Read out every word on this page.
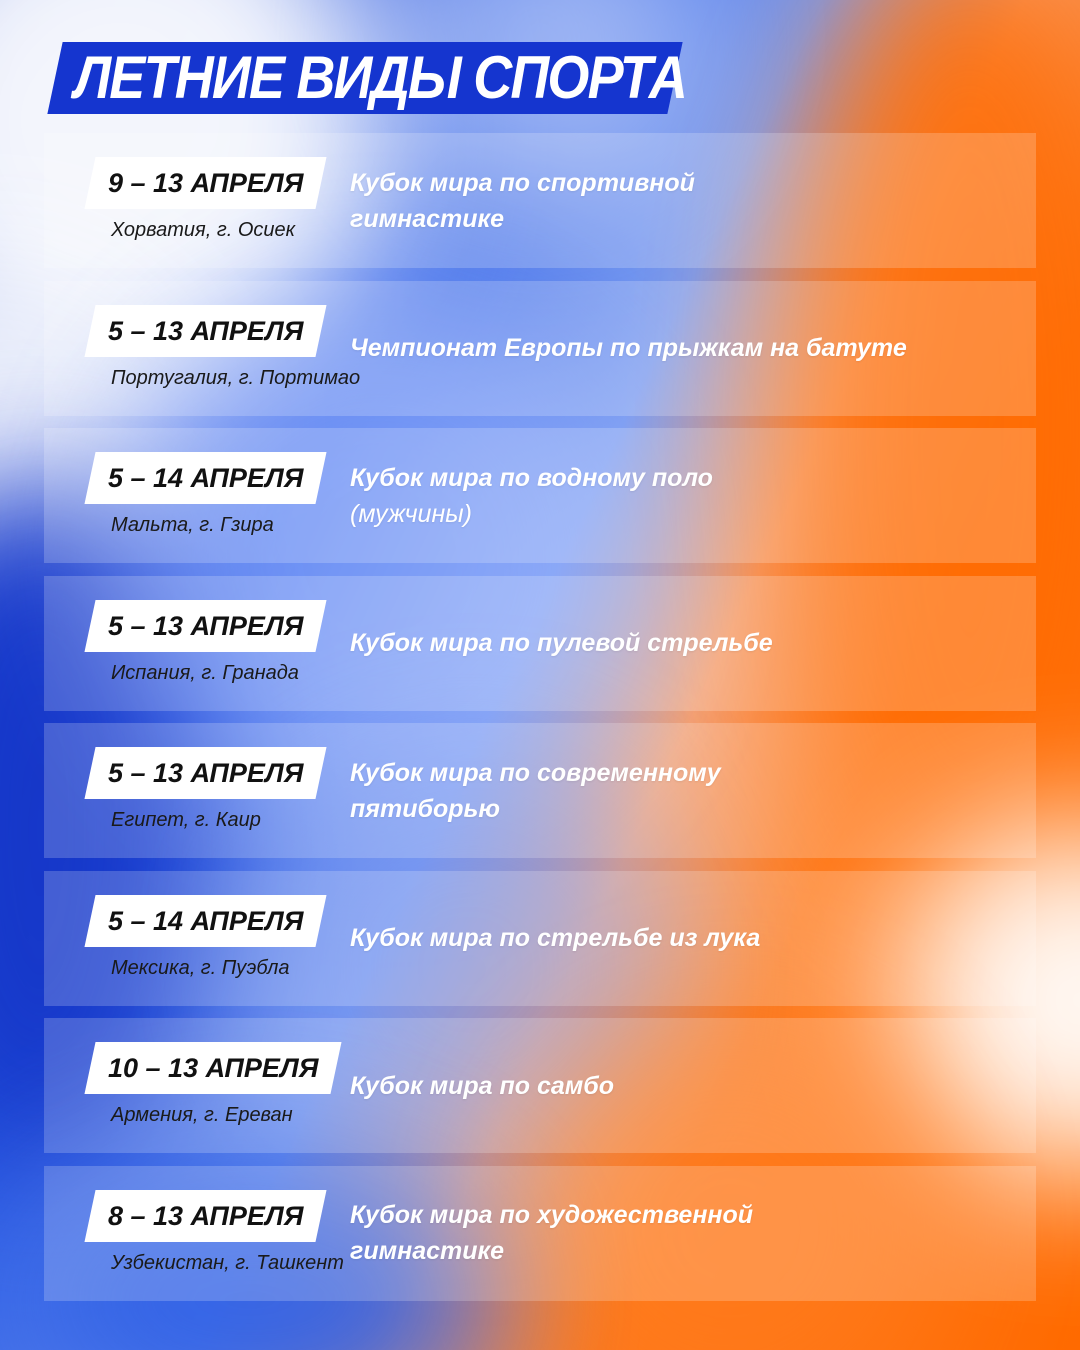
ЛЕТНИЕ ВИДЫ СПОРТА
9 – 13 АПРЕЛЯ
Хорватия, г. Осиек
Кубок мира по спортивной
гимнастике
5 – 13 АПРЕЛЯ
Португалия, г. Портимао
Чемпионат Европы по прыжкам на батуте
5 – 14 АПРЕЛЯ
Мальта, г. Гзира
Кубок мира по водному поло
(мужчины)
5 – 13 АПРЕЛЯ
Испания, г. Гранада
Кубок мира по пулевой стрельбе
5 – 13 АПРЕЛЯ
Египет, г. Каир
Кубок мира по современному
пятиборью
5 – 14 АПРЕЛЯ
Мексика, г. Пуэбла
Кубок мира по стрельбе из лука
10 – 13 АПРЕЛЯ
Армения, г. Ереван
Кубок мира по самбо
8 – 13 АПРЕЛЯ
Узбекистан, г. Ташкент
Кубок мира по художественной
гимнастике
